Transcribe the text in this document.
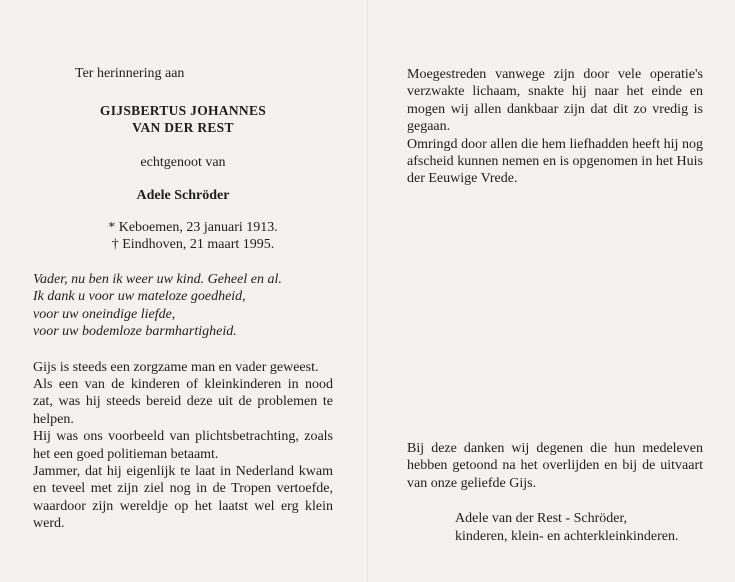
Ter herinnering aan

GIJSBERTUS JOHANNES
VAN DER REST

echtgenoot van

Adele Schröder

* Keboemen, 23 januari 1913.
† Eindhoven, 21 maart 1995.
Vader, nu ben ik weer uw kind. Geheel en al.
Ik dank u voor uw mateloze goedheid,
voor uw oneindige liefde,
voor uw bodemloze barmhartigheid.

Gijs is steeds een zorgzame man en vader geweest.

Als een van de kinderen of kleinkinderen in nood zat, was hij steeds bereid deze uit de problemen te helpen.

Hij was ons voorbeeld van plichtsbetrachting, zoals het een goed politieman betaamt.

Jammer, dat hij eigenlijk te laat in Nederland kwam en teveel met zijn ziel nog in de Tropen vertoefde, waardoor zijn wereldje op het laatst wel erg klein werd.

Moegestreden vanwege zijn door vele operatie's verzwakte lichaam, snakte hij naar het einde en mogen wij allen dankbaar zijn dat dit zo vredig is gegaan.

Omringd door allen die hem liefhadden heeft hij nog afscheid kunnen nemen en is opgenomen in het Huis der Eeuwige Vrede.

Bij deze danken wij degenen die hun medeleven hebben getoond na het overlijden en bij de uitvaart van onze geliefde Gijs.

Adele van der Rest - Schröder,
kinderen, klein- en achterkleinkinderen.
